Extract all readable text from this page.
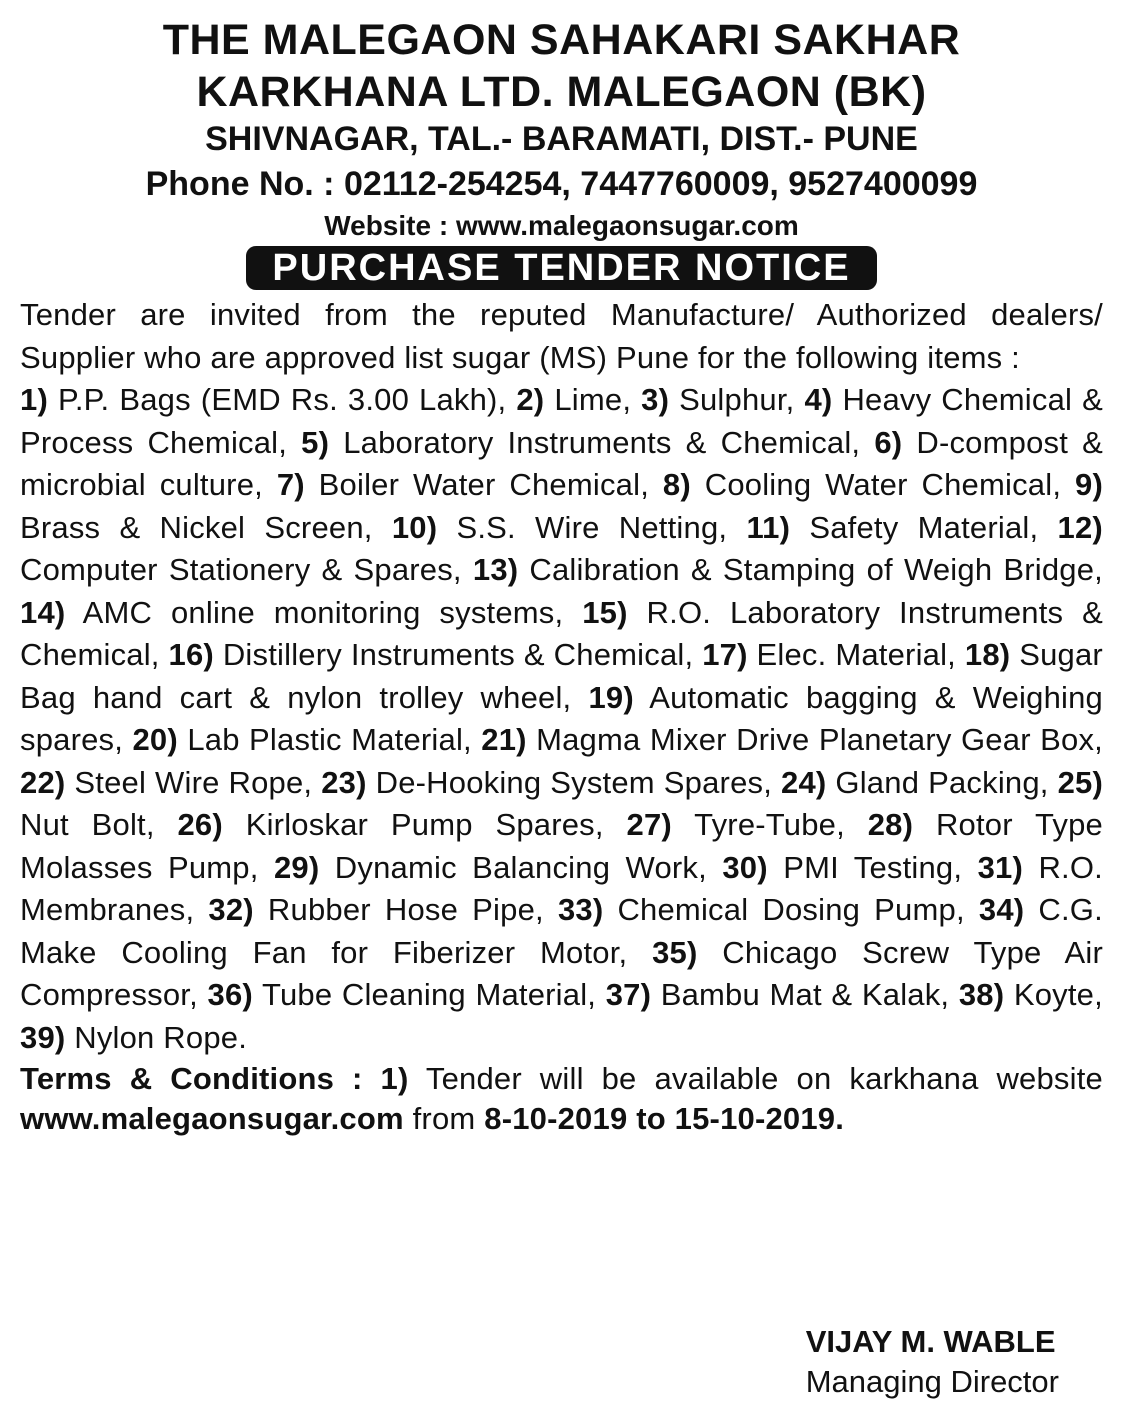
THE MALEGAON SAHAKARI SAKHAR

KARKHANA LTD. MALEGAON (BK)

SHIVNAGAR, TAL.- BARAMATI, DIST.- PUNE

Phone No. : 02112-254254, 7447760009, 9527400099

Website : www.malegaonsugar.com

PURCHASE TENDER NOTICE

Tender are invited from the reputed Manufacture/ Authorized dealers/ Supplier who are approved list sugar (MS) Pune for the following items :

1) P.P. Bags (EMD Rs. 3.00 Lakh), 2) Lime, 3) Sulphur, 4) Heavy Chemical & Process Chemical, 5) Laboratory Instruments & Chemical, 6) D-compost & microbial culture, 7) Boiler Water Chemical, 8) Cooling Water Chemical, 9) Brass & Nickel Screen, 10) S.S. Wire Netting, 11) Safety Material, 12) Computer Stationery & Spares, 13) Calibration & Stamping of Weigh Bridge, 14) AMC online monitoring systems, 15) R.O. Laboratory Instruments & Chemical, 16) Distillery Instruments & Chemical, 17) Elec. Material, 18) Sugar Bag hand cart & nylon trolley wheel, 19) Automatic bagging & Weighing spares, 20) Lab Plastic Material, 21) Magma Mixer Drive Planetary Gear Box, 22) Steel Wire Rope, 23) De-Hooking System Spares, 24) Gland Packing, 25) Nut Bolt, 26) Kirloskar Pump Spares, 27) Tyre-Tube, 28) Rotor Type Molasses Pump, 29) Dynamic Balancing Work, 30) PMI Testing, 31) R.O. Membranes, 32) Rubber Hose Pipe, 33) Chemical Dosing Pump, 34) C.G. Make Cooling Fan for Fiberizer Motor, 35) Chicago Screw Type Air Compressor, 36) Tube Cleaning Material, 37) Bambu Mat & Kalak, 38) Koyte, 39) Nylon Rope.

Terms & Conditions : 1) Tender will be available on karkhana website www.malegaonsugar.com from 8-10-2019 to 15-10-2019.

VIJAY M. WABLE
Managing Director
